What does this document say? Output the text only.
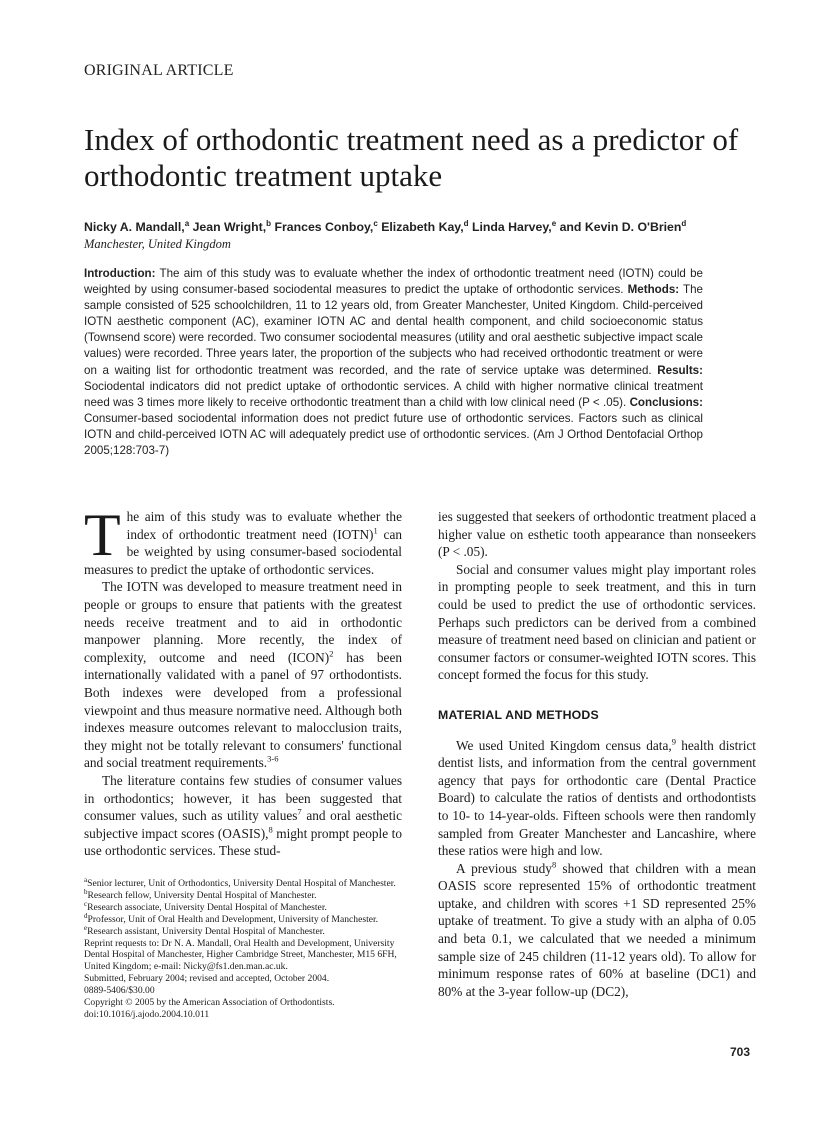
ORIGINAL ARTICLE
Index of orthodontic treatment need as a predictor of orthodontic treatment uptake
Nicky A. Mandall,$^a$ Jean Wright,$^b$ Frances Conboy,$^c$ Elizabeth Kay,$^d$ Linda Harvey,$^e$ and Kevin D. O'Brien$^d$
Manchester, United Kingdom

Introduction: The aim of this study was to evaluate whether the index of orthodontic treatment need (IOTN) could be weighted by using consumer-based sociodental measures to predict the uptake of orthodontic services. Methods: The sample consisted of 525 schoolchildren, 11 to 12 years old, from Greater Manchester, United Kingdom. Child-perceived IOTN aesthetic component (AC), examiner IOTN AC and dental health component, and child socioeconomic status (Townsend score) were recorded. Two consumer sociodental measures (utility and oral aesthetic subjective impact scale values) were recorded. Three years later, the proportion of the subjects who had received orthodontic treatment or were on a waiting list for orthodontic treatment was recorded, and the rate of service uptake was determined. Results: Sociodental indicators did not predict uptake of orthodontic services. A child with higher normative clinical treatment need was 3 times more likely to receive orthodontic treatment than a child with low clinical need (P < .05). Conclusions: Consumer-based sociodental information does not predict future use of orthodontic services. Factors such as clinical IOTN and child-perceived IOTN AC will adequately predict use of orthodontic services. (Am J Orthod Dentofacial Orthop 2005;128:703-7)

The aim of this study was to evaluate whether the index of orthodontic treatment need (IOTN)$^1$ can be weighted by using consumer-based sociodental measures to predict the uptake of orthodontic services.

The IOTN was developed to measure treatment need in people or groups to ensure that patients with the greatest needs receive treatment and to aid in orthodontic manpower planning. More recently, the index of complexity, outcome and need (ICON)$^2$ has been internationally validated with a panel of 97 orthodontists. Both indexes were developed from a professional viewpoint and thus measure normative need. Although both indexes measure outcomes relevant to malocclusion traits, they might not be totally relevant to consumers' functional and social treatment requirements.$^{3-6}$

The literature contains few studies of consumer values in orthodontics; however, it has been suggested that consumer values, such as utility values$^7$ and oral aesthetic subjective impact scores (OASIS),$^8$ might prompt people to use orthodontic services. These stud-

$^a$Senior lecturer, Unit of Orthodontics, University Dental Hospital of Manchester.
$^b$Research fellow, University Dental Hospital of Manchester.
$^c$Research associate, University Dental Hospital of Manchester.
$^d$Professor, Unit of Oral Health and Development, University of Manchester.
$^e$Research assistant, University Dental Hospital of Manchester.
Reprint requests to: Dr N. A. Mandall, Oral Health and Development, University Dental Hospital of Manchester, Higher Cambridge Street, Manchester, M15 6FH, United Kingdom; e-mail: Nicky@fs1.den.man.ac.uk.
Submitted, February 2004; revised and accepted, October 2004.
0889-5406/$30.00
Copyright © 2005 by the American Association of Orthodontists.
doi:10.1016/j.ajodo.2004.10.011

ies suggested that seekers of orthodontic treatment placed a higher value on esthetic tooth appearance than nonseekers (P < .05).

Social and consumer values might play important roles in prompting people to seek treatment, and this in turn could be used to predict the use of orthodontic services. Perhaps such predictors can be derived from a combined measure of treatment need based on clinician and patient or consumer factors or consumer-weighted IOTN scores. This concept formed the focus for this study.

MATERIAL AND METHODS

We used United Kingdom census data,$^9$ health district dentist lists, and information from the central government agency that pays for orthodontic care (Dental Practice Board) to calculate the ratios of dentists and orthodontists to 10- to 14-year-olds. Fifteen schools were then randomly sampled from Greater Manchester and Lancashire, where these ratios were high and low.

A previous study$^8$ showed that children with a mean OASIS score represented 15% of orthodontic treatment uptake, and children with scores +1 SD represented 25% uptake of treatment. To give a study with an alpha of 0.05 and beta 0.1, we calculated that we needed a minimum sample size of 245 children (11-12 years old). To allow for minimum response rates of 60% at baseline (DC1) and 80% at the 3-year follow-up (DC2),

703
